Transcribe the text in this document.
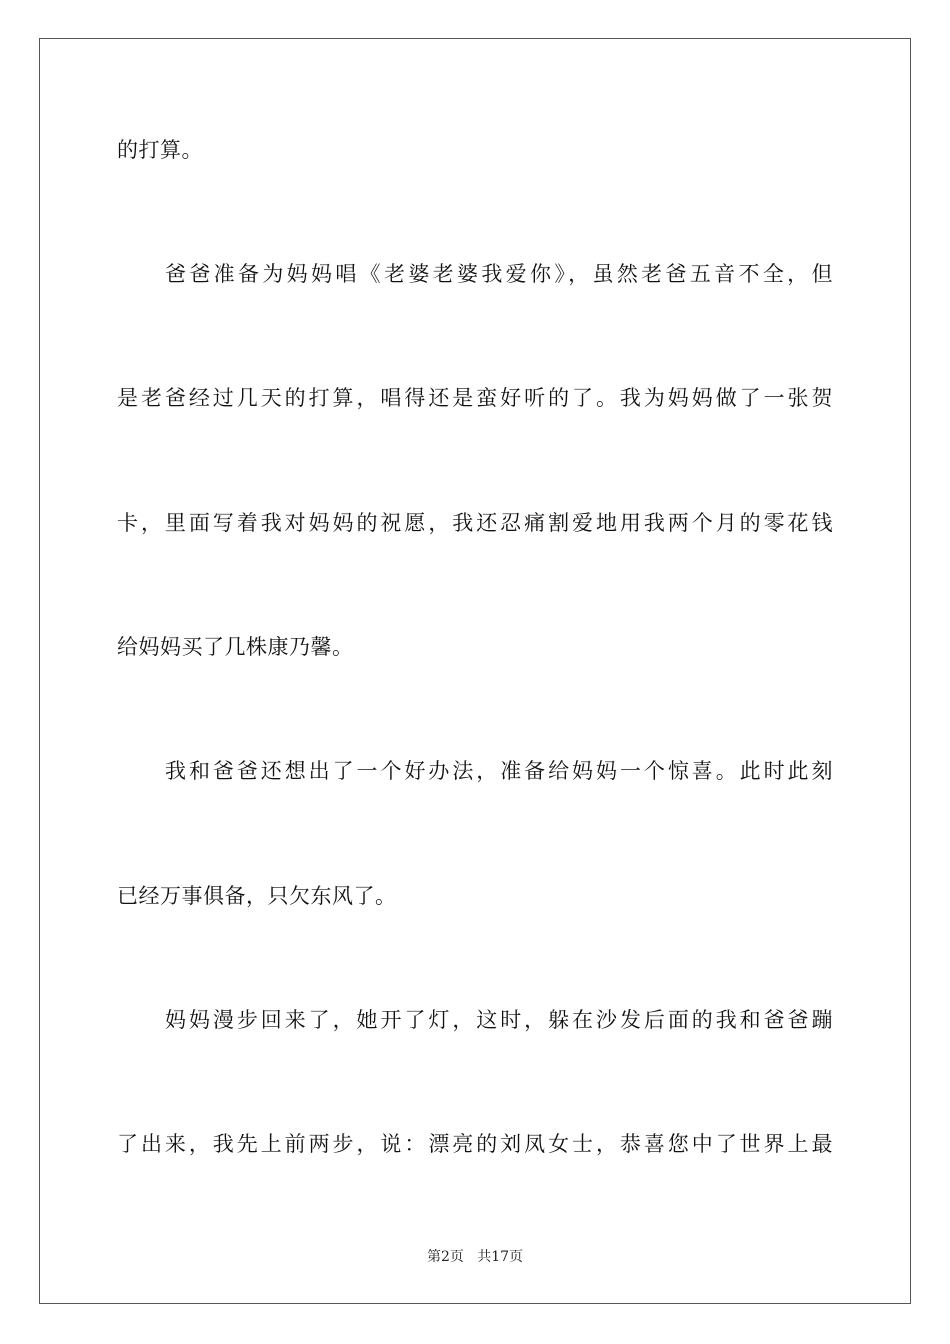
的打算。
爸爸准备为妈妈唱《老婆老婆我爱你》，虽然老爸五音不全，但
是老爸经过几天的打算，唱得还是蛮好听的了。我为妈妈做了一张贺
卡，里面写着我对妈妈的祝愿，我还忍痛割爱地用我两个月的零花钱
给妈妈买了几株康乃馨。
我和爸爸还想出了一个好办法，准备给妈妈一个惊喜。此时此刻
已经万事俱备，只欠东风了。
妈妈漫步回来了，她开了灯，这时，躲在沙发后面的我和爸爸蹦
了出来，我先上前两步，说：漂亮的刘凤女士，恭喜您中了世界上最
第2页   共17页
